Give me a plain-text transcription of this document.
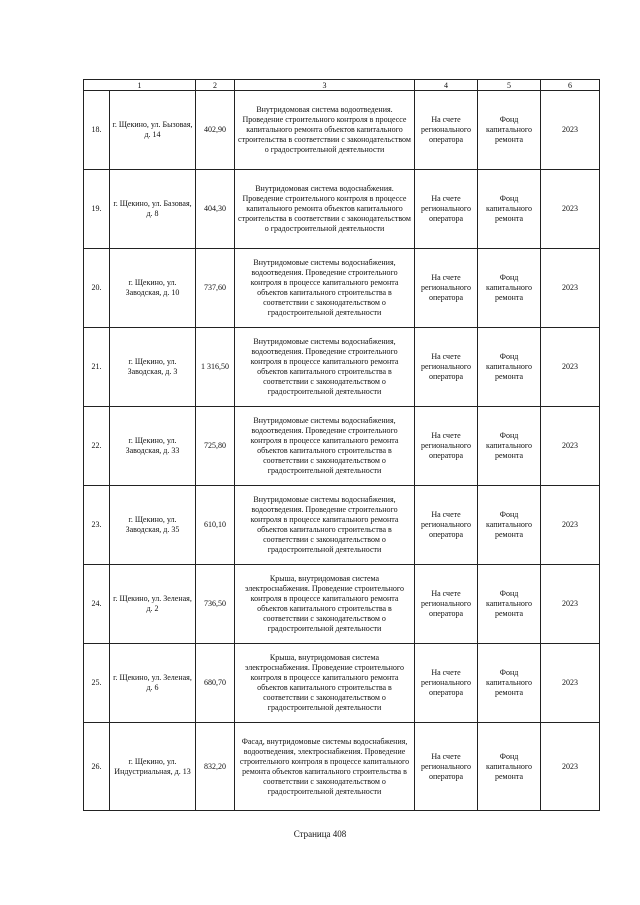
1		2	3	4	5	6
18.	г. Щекино, ул. Бызовая, д. 14	402,90	Внутридомовая система водоотведения. Проведение строительного контроля в процессе капитального ремонта объектов капитального строительства в соответствии с законодательством о градостроительной деятельности	На счете регионального оператора	Фонд капитального ремонта	2023
19.	г. Щекино, ул. Базовая, д. 8	404,30	Внутридомовая система водоснабжения. Проведение строительного контроля в процессе капитального ремонта объектов капитального строительства в соответствии с законодательством о градостроительной деятельности	На счете регионального оператора	Фонд капитального ремонта	2023
20.	г. Щекино, ул. Заводская, д. 10	737,60	Внутридомовые системы водоснабжения, водоотведения. Проведение строительного контроля в процессе капитального ремонта объектов капитального строительства в соответствии с законодательством о градостроительной деятельности	На счете регионального оператора	Фонд капитального ремонта	2023
21.	г. Щекино, ул. Заводская, д. 3	1 316,50	Внутридомовые системы водоснабжения, водоотведения. Проведение строительного контроля в процессе капитального ремонта объектов капитального строительства в соответствии с законодательством о градостроительной деятельности	На счете регионального оператора	Фонд капитального ремонта	2023
22.	г. Щекино, ул. Заводская, д. 33	725,80	Внутридомовые системы водоснабжения, водоотведения. Проведение строительного контроля в процессе капитального ремонта объектов капитального строительства в соответствии с законодательством о градостроительной деятельности	На счете регионального оператора	Фонд капитального ремонта	2023
23.	г. Щекино, ул. Заводская, д. 35	610,10	Внутридомовые системы водоснабжения, водоотведения. Проведение строительного контроля в процессе капитального ремонта объектов капитального строительства в соответствии с законодательством о градостроительной деятельности	На счете регионального оператора	Фонд капитального ремонта	2023
24.	г. Щекино, ул. Зеленая, д. 2	736,50	Крыша, внутридомовая система электроснабжения. Проведение строительного контроля в процессе капитального ремонта объектов капитального строительства в соответствии с законодательством о градостроительной деятельности	На счете регионального оператора	Фонд капитального ремонта	2023
25.	г. Щекино, ул. Зеленая, д. 6	680,70	Крыша, внутридомовая система электроснабжения. Проведение строительного контроля в процессе капитального ремонта объектов капитального строительства в соответствии с законодательством о градостроительной деятельности	На счете регионального оператора	Фонд капитального ремонта	2023
26.	г. Щекино, ул. Индустриальная, д. 13	832,20	Фасад, внутридомовые системы водоснабжения, водоотведения, электроснабжения. Проведение строительного контроля в процессе капитального ремонта объектов капитального строительства в соответствии с законодательством о градостроительной деятельности	На счете регионального оператора	Фонд капитального ремонта	2023
Страница 408
